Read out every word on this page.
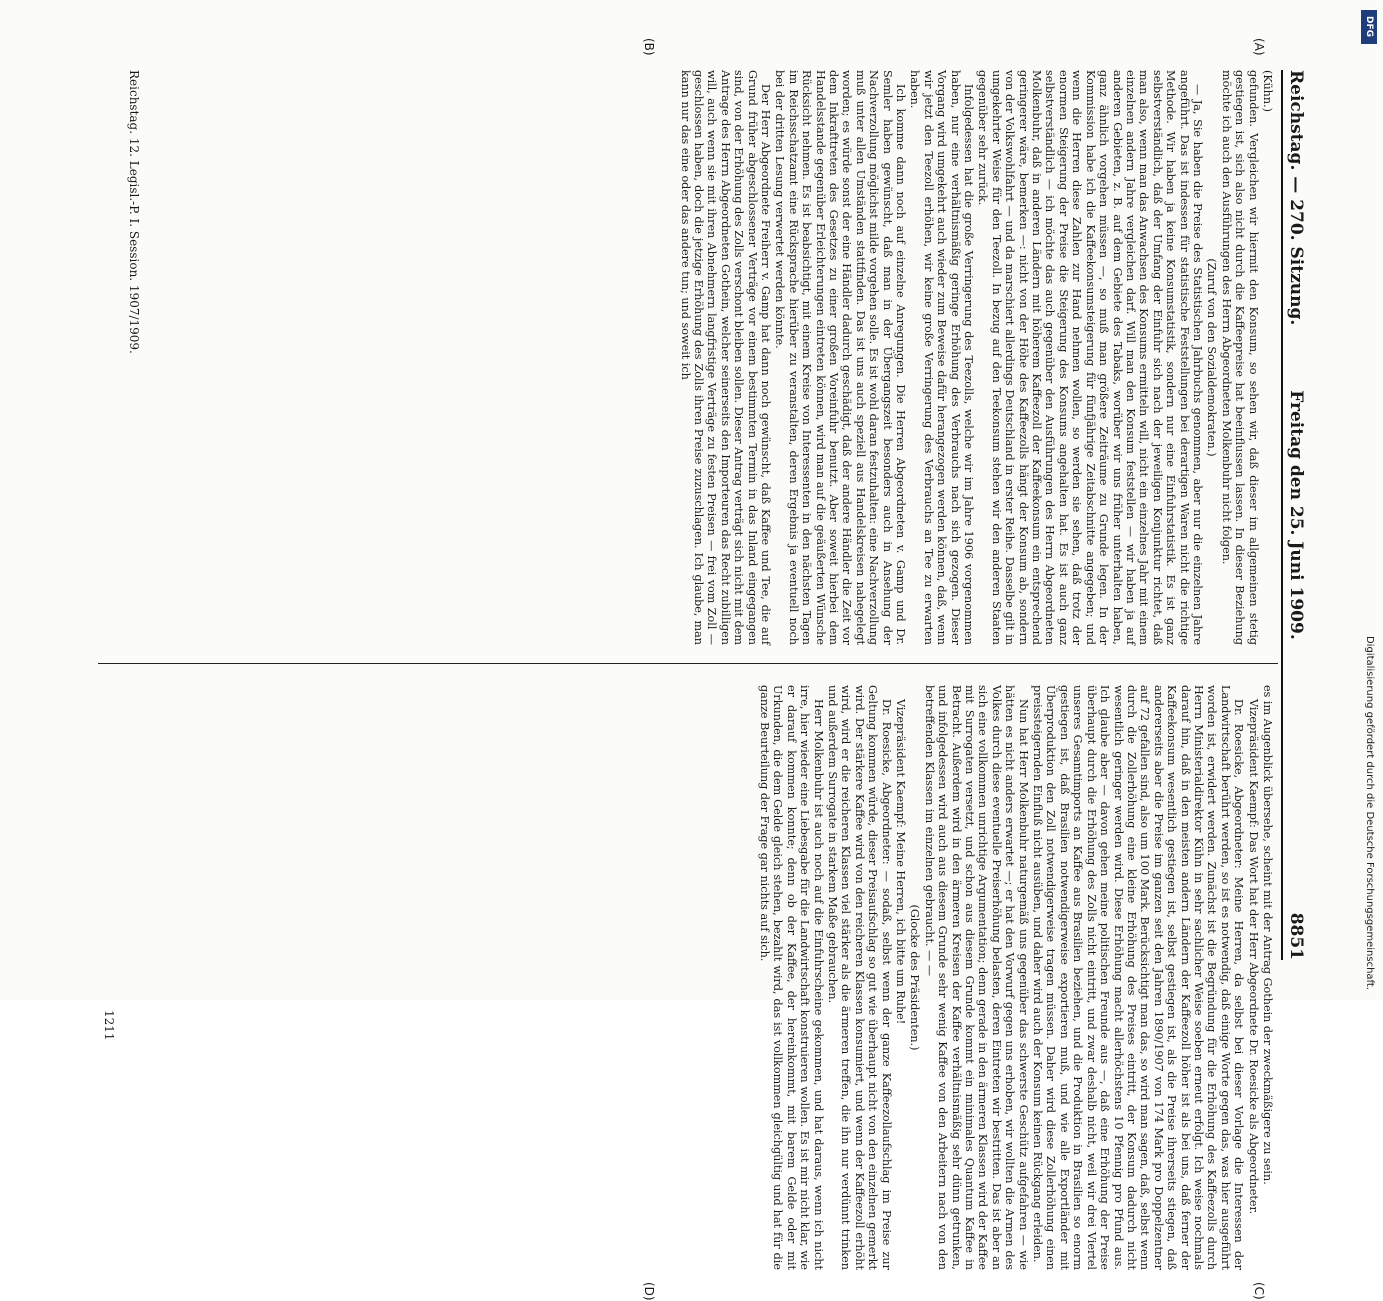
Reichstag. — 270. Sitzung.
Freitag den 25. Juni 1909.
8851
(A)
(B)
(C)
(D)

(Kühn.)

gefunden. Vergleichen wir hiermit den Konsum, so sehen wir, daß dieser im allgemeinen stetig gestiegen ist, sich also nicht durch die Kaffeepreise hat beeinflussen lassen. In dieser Beziehung möchte ich auch den Ausführungen des Herrn Abgeordneten Molkenbuhr nicht folgen.

(Zuruf von den Sozialdemokraten.)

— Ja, Sie haben die Preise des Statistischen Jahrbuchs genommen, aber nur die einzelnen Jahre angeführt. Das ist indessen für statistische Feststellungen bei derartigen Waren nicht die richtige Methode. Wir haben ja keine Konsumstatistik, sondern nur eine Einfuhrstatistik. Es ist ganz selbstverständlich, daß der Umfang der Einfuhr sich nach der jeweiligen Konjunktur richtet, daß man also, wenn man das Anwachsen des Konsums ermitteln will, nicht ein einzelnes Jahr mit einem einzelnen andern Jahre vergleichen darf. Will man den Konsum feststellen — wir haben ja auf anderen Gebieten, z. B. auf dem Gebiete des Tabaks, worüber wir uns früher unterhalten haben, ganz ähnlich vorgehen müssen —, so muß man größere Zeiträume zu Grunde legen. In der Kommission habe ich die Kaffeekonsumsteigerung für fünfjährige Zeitabschnitte angegeben; und wenn die Herren diese Zahlen zur Hand nehmen wollen, so werden sie sehen, daß trotz der enormen Steigerung der Preise die Steigerung des Konsums angehalten hat. Es ist auch ganz selbstverständlich — ich möchte das auch gegenüber den Ausführungen des Herrn Abgeordneten Molkenbuhr, daß in anderen Ländern mit höherem Kaffeezoll der Kaffeekonsum ein entsprechend geringerer wäre, bemerken —: nicht von der Höhe des Kaffeezolls hängt der Konsum ab, sondern von der Volkswohlfahrt — und da marschiert allerdings Deutschland in erster Reihe. Dasselbe gilt in umgekehrter Weise für den Teezoll. In bezug auf den Teekonsum stehen wir den anderen Staaten gegenüber sehr zurück.

Infolgedessen hat die große Verringerung des Teezolls, welche wir im Jahre 1906 vorgenommen haben, nur eine verhältnismäßig geringe Erhöhung des Verbrauchs nach sich gezogen. Dieser Vorgang wird umgekehrt auch wieder zum Beweise dafür herangezogen werden können, daß, wenn wir jetzt den Teezoll erhöhen, wir keine große Verringerung des Verbrauchs an Tee zu erwarten haben.

Ich komme dann noch auf einzelne Anregungen. Die Herren Abgeordneten v. Gamp und Dr. Semler haben gewünscht, daß man in der Übergangszeit besonders auch in Ansehung der Nachverzollung möglichst milde vorgehen solle. Es ist wohl daran festzuhalten: eine Nachverzollung muß unter allen Umständen stattfinden. Das ist uns auch speziell aus Handelskreisen nahegelegt worden; es würde sonst der eine Händler dadurch geschädigt, daß der andere Händler die Zeit vor dem Inkrafttreten des Gesetzes zu einer großen Voreinfuhr benutzt. Aber soweit hierbei dem Handelsstande gegenüber Erleichterungen eintreten können, wird man auf die geäußerten Wünsche Rücksicht nehmen. Es ist beabsichtigt, mit einem Kreise von Interessenten in den nächsten Tagen im Reichsschatzamt eine Rücksprache hierüber zu veranstalten, deren Ergebnis ja eventuell noch bei der dritten Lesung verwertet werden könnte.

Der Herr Abgeordnete Freiherr v. Gamp hat dann noch gewünscht, daß Kaffee und Tee, die auf Grund früher abgeschlossener Verträge vor einem bestimmten Termin in das Inland eingegangen sind, von der Erhöhung des Zolls verschont bleiben sollen. Dieser Antrag verträgt sich nicht mit dem Antrage des Herrn Abgeordneten Gothein, welcher seinerseits den Importeuren das Recht zubilligen will, auch wenn sie mit ihren Abnehmern langfristige Verträge zu festen Preisen — frei vom Zoll — geschlossen haben, doch die jetzige Erhöhung des Zolls ihren Preise zuzuschlagen. Ich glaube, man kann nur das eine oder das andere tun; und soweit ich

es im Augenblick übersehe, scheint mit der Antrag Gothein der zweckmäßigere zu sein.

Vizepräsident Kaempf: Das Wort hat der Herr Abgeordnete Dr. Roesicke als Abgeordneter.

Dr. Roesicke, Abgeordneter: Meine Herren, da selbst bei dieser Vorlage die Interessen der Landwirtschaft berührt werden, so ist es notwendig, daß einige Worte gegen das, was hier ausgeführt worden ist, erwidert werden. Zunächst ist die Begründung für die Erhöhung des Kaffeezolls durch Herrn Ministerialdirektor Kühn in sehr sachlicher Weise soeben erneut erfolgt. Ich weise nochmals darauf hin, daß in den meisten andern Ländern der Kaffeezoll höher ist als bei uns, daß ferner der Kaffeekonsum wesentlich gestiegen ist, selbst gestiegen ist, als die Preise ihrerseits stiegen, daß andererseits aber die Preise im ganzen seit den Jahren 1890/1907 von 174 Mark pro Doppelzentner auf 72 gefallen sind, also um 100 Mark. Berücksichtigt man das, so wird man sagen, daß, selbst wenn durch die Zollerhöhung eine kleine Erhöhung des Preises eintritt, der Konsum dadurch nicht wesentlich geringer werden wird. Diese Erhöhung macht allerhöchstens 10 Pfennig pro Pfund aus. Ich glaube aber — davon gehen meine politischen Freunde aus —, daß eine Erhöhung der Preise überhaupt durch die Erhöhung des Zolls nicht eintritt, und zwar deshalb nicht, weil wir drei Viertel unseres Gesamtimports an Kaffee aus Brasilien beziehen, und die Produktion in Brasilien so enorm gestiegen ist, daß Brasilien notwendigerweise exportieren muß, und wie alle Exportländer mit Überproduktion den Zoll notwendigerweise tragen müssen. Daher wird diese Zollerhöhung einen preissteigernden Einfluß nicht ausüben, und daher wird auch der Konsum keinen Rückgang erleiden.

Nun hat Herr Molkenbuhr naturgemäß uns gegenüber das schwerste Geschütz aufgefahren — wie hätten es nicht anders erwartet —; er hat den Vorwurf gegen uns erhoben, wir wollten die Armen des Volkes durch diese eventuelle Preiserhöhung belasten, deren Eintreten wir bestritten. Das ist aber an sich eine vollkommen unrichtige Argumentation; denn gerade in den ärmeren Klassen wird der Kaffee mit Surrogaten versetzt, und schon aus diesem Grunde kommt ein minimales Quantum Kaffee in Betracht. Außerdem wird in den ärmeren Kreisen der Kaffee verhältnismäßig sehr dünn getrunken, und infolgedessen wird auch aus diesem Grunde sehr wenig Kaffee von den Arbeitern nach von den betreffenden Klassen im einzelnen gebraucht. — —

(Glocke des Präsidenten.)

Vizepräsident Kaempf: Meine Herren, ich bitte um Ruhe!

Dr. Roesicke, Abgeordneter: — sodaß, selbst wenn der ganze Kaffeezollaufschlag im Preise zur Geltung kommen würde, dieser Preisaufschlag so gut wie überhaupt nicht von den einzelnen gemerkt wird. Der stärkere Kaffee wird von den reicheren Klassen konsumiert, und wenn der Kaffeezoll erhöht wird, wird er die reicheren Klassen viel stärker als die ärmeren treffen, die ihn nur verdünnt trinken und außerdem Surrogate in starkem Maße gebrauchen.

Herr Molkenbuhr ist auch noch auf die Einfuhrscheine gekommen, und hat daraus, wenn ich nicht irre, hier wieder eine Liebesgabe für die Landwirtschaft konstruieren wollen. Es ist mir nicht klar, wie er darauf kommen konnte; denn ob der Kaffee, der hereinkommt, mit barem Gelde oder mit Urkunden, die dem Gelde gleich stehen, bezahlt wird, das ist vollkommen gleichgültig und hat für die ganze Beurteilung der Frage gar nichts auf sich.

Reichstag. 12. Legisl.-P. I. Session. 1907/1909.
1211
Digitalisierung gefördert durch die Deutsche Forschungsgemeinschaft.
DFG
